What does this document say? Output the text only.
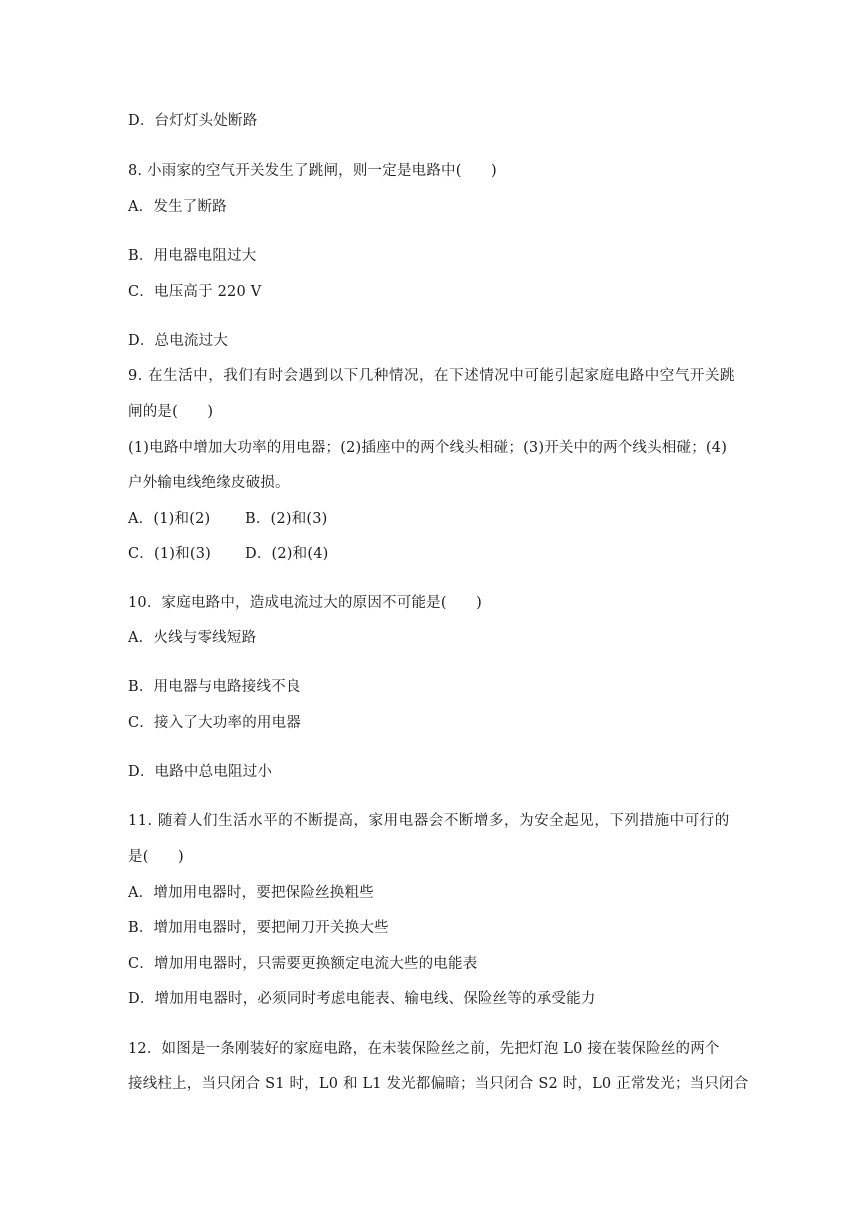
D．台灯灯头处断路
8. 小雨家的空气开关发生了跳闸，则一定是电路中(　　)
A．发生了断路
B．用电器电阻过大
C．电压高于 220 V
D．总电流过大
9. 在生活中，我们有时会遇到以下几种情况，在下述情况中可能引起家庭电路中空气开关跳
闸的是(　　)
(1)电路中增加大功率的用电器；(2)插座中的两个线头相碰；(3)开关中的两个线头相碰；(4)
户外输电线绝缘皮破损。
A．(1)和(2) B．(2)和(3)
C．(1)和(3) D．(2)和(4)
10．家庭电路中，造成电流过大的原因不可能是(　　)
A．火线与零线短路
B．用电器与电路接线不良
C．接入了大功率的用电器
D．电路中总电阻过小
11. 随着人们生活水平的不断提高，家用电器会不断增多，为安全起见，下列措施中可行的
是(　　)
A．增加用电器时，要把保险丝换粗些
B．增加用电器时，要把闸刀开关换大些
C．增加用电器时，只需要更换额定电流大些的电能表
D．增加用电器时，必须同时考虑电能表、输电线、保险丝等的承受能力
12．如图是一条刚装好的家庭电路，在未装保险丝之前，先把灯泡 L0 接在装保险丝的两个
接线柱上，当只闭合 S1 时，L0 和 L1 发光都偏暗；当只闭合 S2 时，L0 正常发光；当只闭合
